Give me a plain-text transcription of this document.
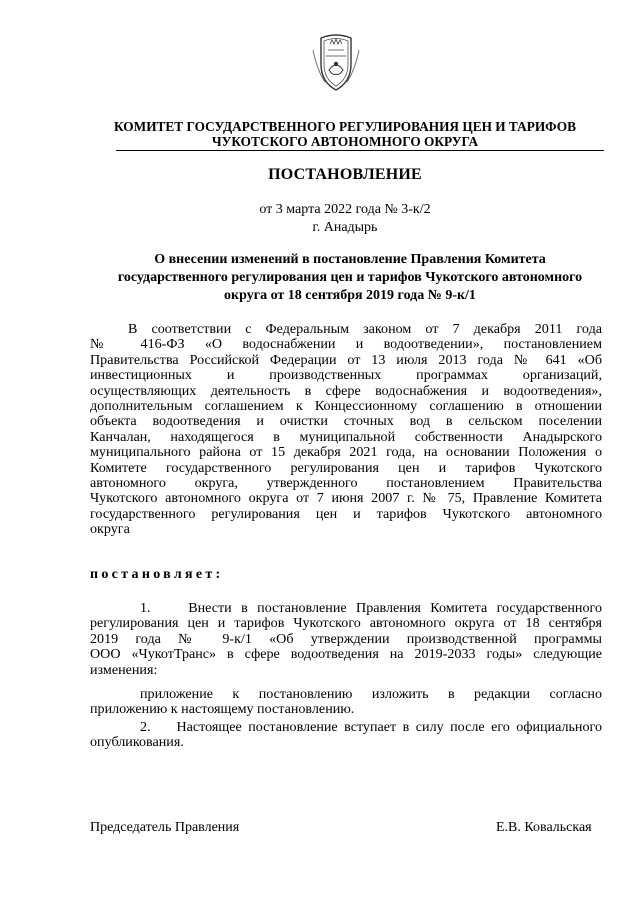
КОМИТЕТ ГОСУДАРСТВЕННОГО РЕГУЛИРОВАНИЯ ЦЕН И ТАРИФОВ
ЧУКОТСКОГО АВТОНОМНОГО ОКРУГА
ПОСТАНОВЛЕНИЕ
от 3 марта 2022 года № 3-к/2
г. Анадырь
О внесении изменений в постановление Правления Комитета
государственного регулирования цен и тарифов Чукотского автономного
округа от 18 сентября 2019 года № 9-к/1
В соответствии с Федеральным законом от 7 декабря 2011 года
№ 416-ФЗ «О водоснабжении и водоотведении», постановлением
Правительства Российской Федерации от 13 июля 2013 года № 641 «Об
инвестиционных и производственных программах организаций,
осуществляющих деятельность в сфере водоснабжения и водоотведения»,
дополнительным соглашением к Концессионному соглашению в отношении
объекта водоотведения и очистки сточных вод в сельском поселении
Канчалан, находящегося в муниципальной собственности Анадырского
муниципального района от 15 декабря 2021 года, на основании Положения о
Комитете государственного регулирования цен и тарифов Чукотского
автономного округа, утвержденного постановлением Правительства
Чукотского автономного округа от 7 июня 2007 г. № 75, Правление Комитета
государственного регулирования цен и тарифов Чукотского автономного
округа
постановляет:
1.    Внести в постановление Правления Комитета государственного
регулирования цен и тарифов Чукотского автономного округа от 18 сентября
2019 года № 9-к/1 «Об утверждении производственной программы
ООО «ЧукотТранс» в сфере водоотведения на 2019-2033 годы» следующие
изменения:
приложение к постановлению изложить в редакции согласно
приложению к настоящему постановлению.
2.    Настоящее постановление вступает в силу после его официального
опубликования.
Председатель Правления	Е.В. Ковальская
